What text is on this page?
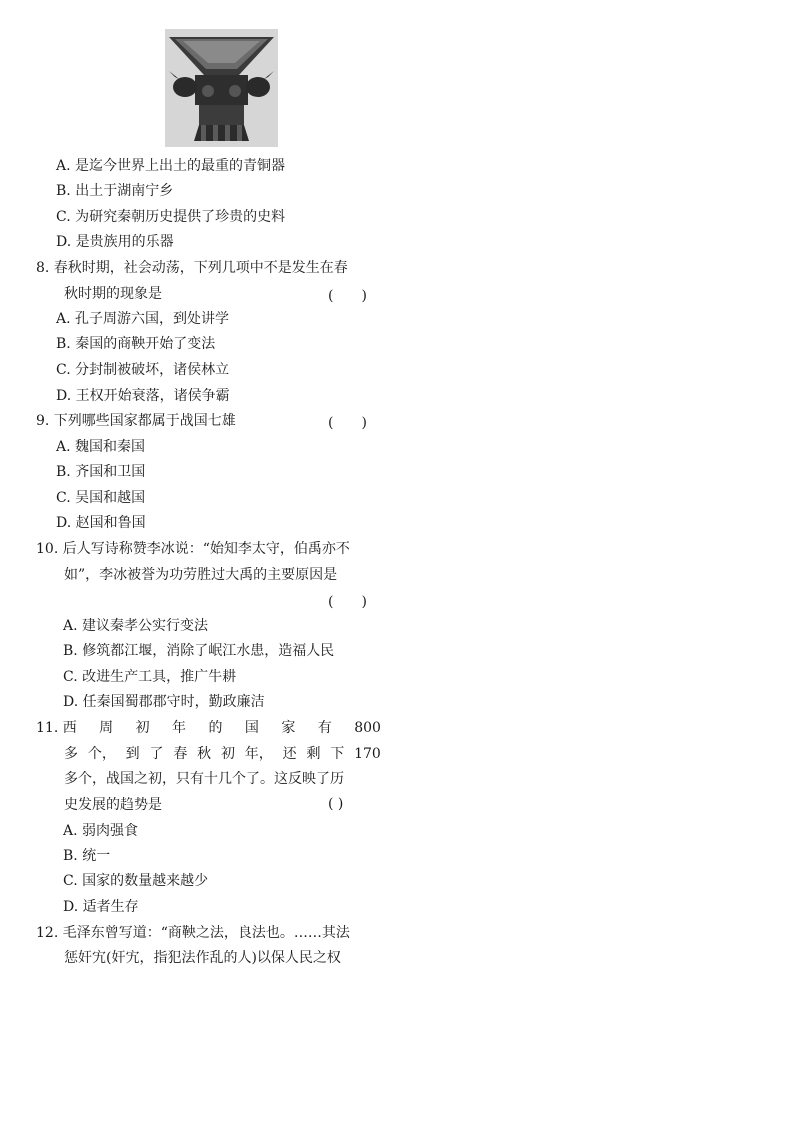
A. 是迄今世界上出土的最重的青铜器
B. 出土于湖南宁乡
C. 为研究秦朝历史提供了珍贵的史料
D. 是贵族用的乐器
8. 春秋时期，社会动荡，下列几项中不是发生在春
秋时期的现象是	(　　)
A. 孔子周游六国，到处讲学
B. 秦国的商鞅开始了变法
C. 分封制被破坏，诸侯林立
D. 王权开始衰落，诸侯争霸
9. 下列哪些国家都属于战国七雄	(　　)
A. 魏国和秦国
B. 齐国和卫国
C. 吴国和越国
D. 赵国和鲁国
10. 后人写诗称赞李冰说：“始知李太守，伯禹亦不
如”，李冰被誉为功劳胜过大禹的主要原因是
(　　)
A. 建议秦孝公实行变法
B. 修筑都江堰，消除了岷江水患，造福人民
C. 改进生产工具，推广牛耕
D. 任秦国蜀郡郡守时，勤政廉洁
11. 西 周 初 年 的 国 家 有 800
多 个， 到 了 春 秋 初 年， 还 剩 下 170
多个，战国之初，只有十几个了。这反映了历
史发展的趋势是	( )
A. 弱肉强食
B. 统一
C. 国家的数量越来越少
D. 适者生存
12. 毛泽东曾写道：“商鞅之法，良法也。……其法
惩奸宄(奸宄，指犯法作乱的人)以保人民之权
